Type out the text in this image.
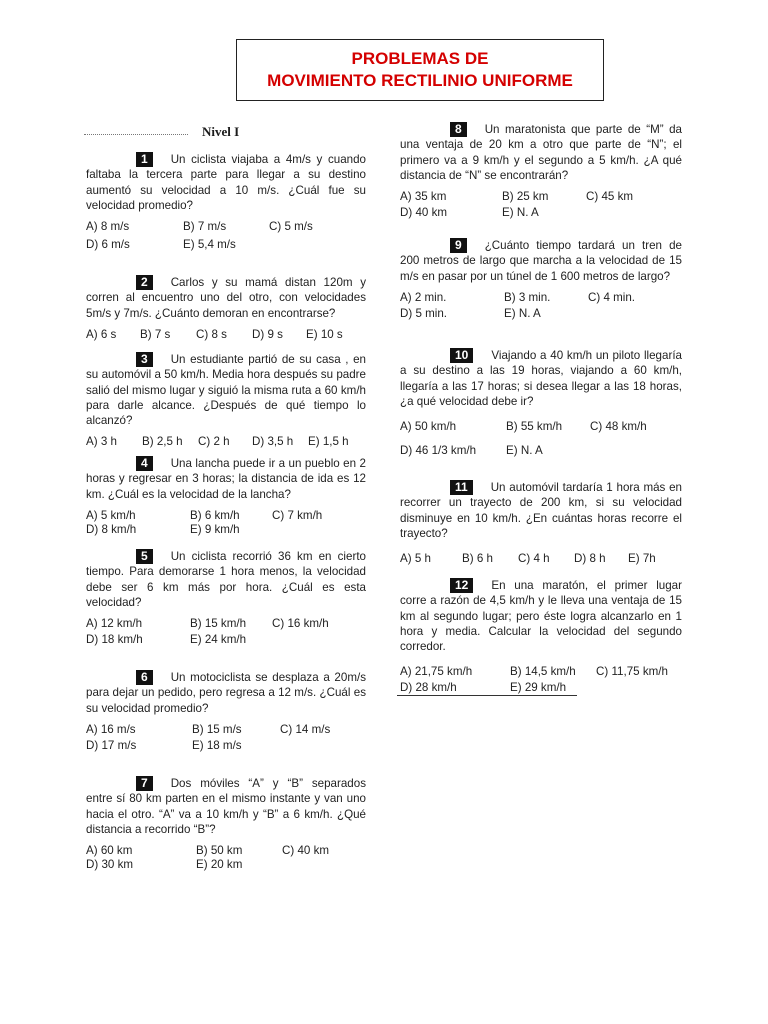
PROBLEMAS DE
MOVIMIENTO RECTILINIO UNIFORME
Nivel I

1 Un ciclista viajaba a 4m/s y cuando faltaba la tercera parte para llegar a su destino aumentó su velocidad a 10 m/s. ¿Cuál fue su velocidad promedio?

A) 8 m/s	B) 7 m/s	C) 5 m/s
D) 6 m/s	E) 5,4 m/s

2 Carlos y su mamá distan 120m y corren al encuentro uno del otro, con velocidades 5m/s y 7m/s. ¿Cuánto demoran en encontrarse?

A) 6 s B) 7 s C) 8 s D) 9 s E) 10 s

3 Un estudiante partió de su casa , en su automóvil a 50 km/h. Media hora después su padre salió del mismo lugar y siguió la misma ruta a 60 km/h para darle alcance. ¿Después de qué tiempo lo alcanzó?

A) 3 h B) 2,5 h C) 2 h D) 3,5 h E) 1,5 h

4 Una lancha puede ir a un pueblo en 2 horas y regresar en 3 horas; la distancia de ida es 12 km. ¿Cuál es la velocidad de la lancha?

A) 5 km/h	B) 6 km/h	C) 7 km/h
D) 8 km/h	E) 9 km/h

5 Un ciclista recorrió 36 km en cierto tiempo. Para demorarse 1 hora menos, la velocidad debe ser 6 km más por hora. ¿Cuál es esta velocidad?

A) 12 km/h	B) 15 km/h C) 16 km/h
D) 18 km/h	E) 24 km/h

6 Un motociclista se desplaza a 20m/s para dejar un pedido, pero regresa a 12 m/s. ¿Cuál es su velocidad promedio?

A) 16 m/s	B) 15 m/s	C) 14 m/s
D) 17 m/s	E) 18 m/s

7 Dos móviles “A” y “B” separados entre sí 80 km parten en el mismo instante y van uno hacia el otro. “A” va a 10 km/h y “B” a 6 km/h. ¿Qué distancia a recorrido “B”?

A) 60 km	B) 50 km	C) 40 km
D) 30 km	E) 20 km

8 Un maratonista que parte de “M” da una ventaja de 20 km a otro que parte de “N”; el primero va a 9 km/h y el segundo a 5 km/h. ¿A qué distancia de “N” se encontrarán?

A) 35 km	B) 25 km	C) 45 km
D) 40 km	E) N. A

9 ¿Cuánto tiempo tardará un tren de 200 metros de largo que marcha a la velocidad de 15 m/s en pasar por un túnel de 1 600 metros de largo?

A) 2 min.	B) 3 min.	C) 4 min.
D) 5 min.	E) N. A

10 Viajando a 40 km/h un piloto llegaría a su destino a las 19 horas, viajando a 60 km/h, llegaría a las 17 horas; si desea llegar a las 18 horas, ¿a qué velocidad debe ir?

A) 50 km/h	B) 55 km/h C) 48 km/h
D) 46 1/3 km/h	E) N. A

11 Un automóvil tardaría 1 hora más en recorrer un trayecto de 200 km, si su velocidad disminuye en 10 km/h. ¿En cuántas horas recorre el trayecto?

A) 5 h	B) 6 h C) 4 h D) 8 h E) 7h

12 En una maratón, el primer lugar corre a razón de 4,5 km/h y le lleva una ventaja de 15 km al segundo lugar; pero éste logra alcanzarlo en 1 hora y media. Calcular la velocidad del segundo corredor.

A) 21,75 km/h	B) 14,5 km/h C) 11,75 km/h
D) 28 km/h	E) 29 km/h
